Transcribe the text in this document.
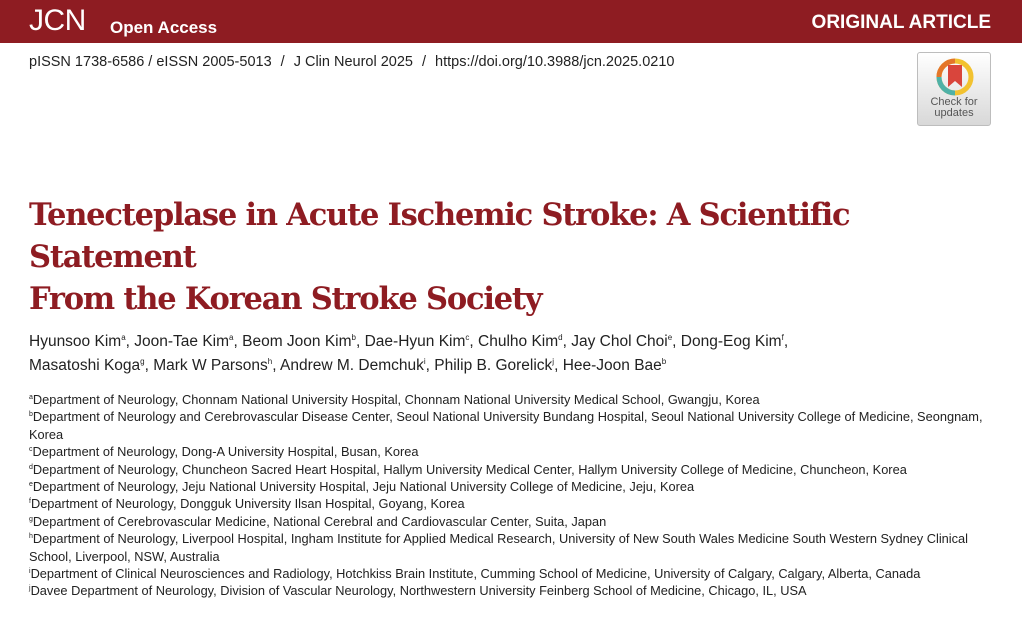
JCN Open Access	ORIGINAL ARTICLE
pISSN 1738-6586 / eISSN 2005-5013 / J Clin Neurol 2025 / https://doi.org/10.3988/jcn.2025.0210
Check for
updates
Tenecteplase in Acute Ischemic Stroke: A Scientific Statement
From the Korean Stroke Society
Hyunsoo Kim$^a$, Joon-Tae Kim$^a$, Beom Joon Kim$^b$, Dae-Hyun Kim$^c$, Chulho Kim$^d$, Jay Chol Choi$^e$, Dong-Eog Kim$^f$,
Masatoshi Koga$^g$, Mark W Parsons$^h$, Andrew M. Demchuk$^i$, Philip B. Gorelick$^j$, Hee-Joon Bae$^b$
$^a$Department of Neurology, Chonnam National University Hospital, Chonnam National University Medical School, Gwangju, Korea
$^b$Department of Neurology and Cerebrovascular Disease Center, Seoul National University Bundang Hospital, Seoul National University College of Medicine, Seongnam, Korea
$^c$Department of Neurology, Dong-A University Hospital, Busan, Korea
$^d$Department of Neurology, Chuncheon Sacred Heart Hospital, Hallym University Medical Center, Hallym University College of Medicine, Chuncheon, Korea
$^e$Department of Neurology, Jeju National University Hospital, Jeju National University College of Medicine, Jeju, Korea
$^f$Department of Neurology, Dongguk University Ilsan Hospital, Goyang, Korea
$^g$Department of Cerebrovascular Medicine, National Cerebral and Cardiovascular Center, Suita, Japan
$^h$Department of Neurology, Liverpool Hospital, Ingham Institute for Applied Medical Research, University of New South Wales Medicine South Western Sydney Clinical School, Liverpool, NSW, Australia
$^i$Department of Clinical Neurosciences and Radiology, Hotchkiss Brain Institute, Cumming School of Medicine, University of Calgary, Calgary, Alberta, Canada
$^j$Davee Department of Neurology, Division of Vascular Neurology, Northwestern University Feinberg School of Medicine, Chicago, IL, USA
